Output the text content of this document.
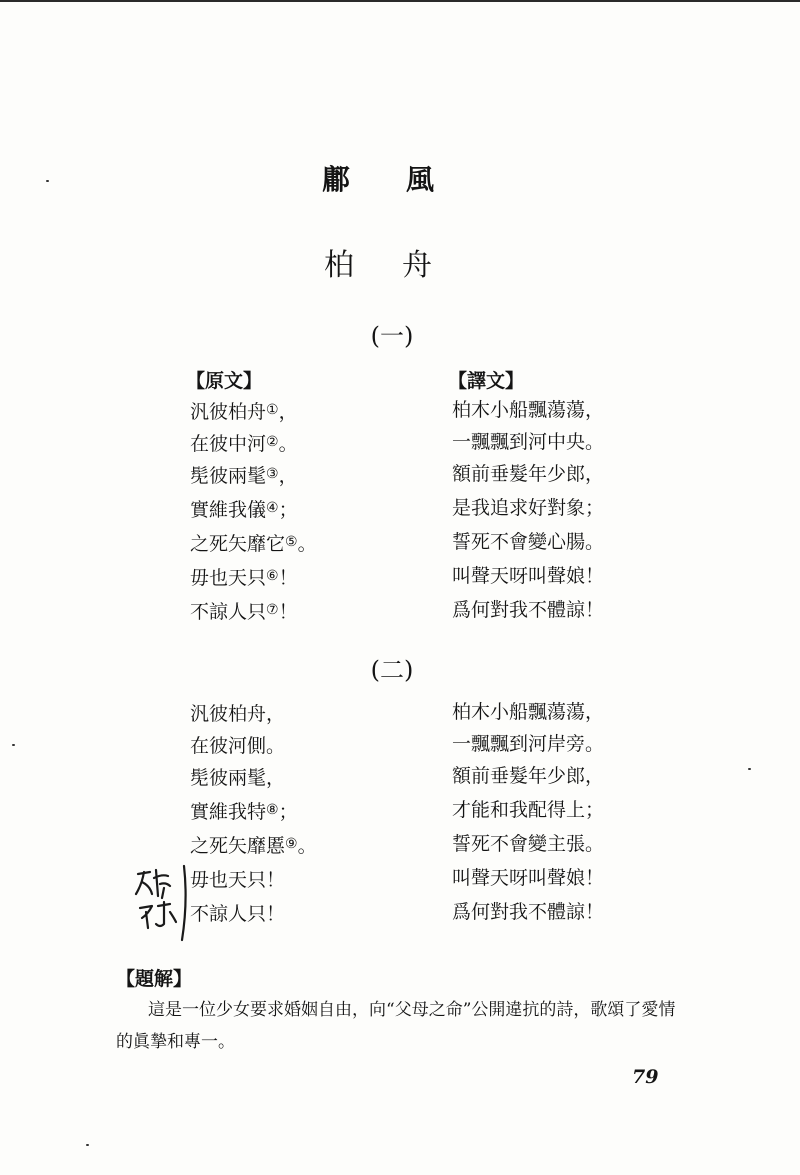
鄘風
柏舟
(一)
【原文】	【譯文】
汎彼柏舟①，
在彼中河②。
髧彼兩髦③，
實維我儀④；
之死矢靡它⑤。
毋也天只⑥！
不諒人只⑦！
柏木小船飄蕩蕩，
一飄飄到河中央。
額前垂髮年少郎，
是我追求好對象；
誓死不會變心腸。
叫聲天呀叫聲娘！
爲何對我不體諒！
(二)
汎彼柏舟，
在彼河側。
髧彼兩髦，
實維我特⑧；
之死矢靡慝⑨。
毋也天只！
不諒人只！
柏木小船飄蕩蕩，
一飄飄到河岸旁。
額前垂髮年少郎，
才能和我配得上；
誓死不會變主張。
叫聲天呀叫聲娘！
爲何對我不體諒！
【題解】
這是一位少女要求婚姻自由，向“父母之命”公開違抗的詩，歌頌了愛情的眞摯和專一。
79
